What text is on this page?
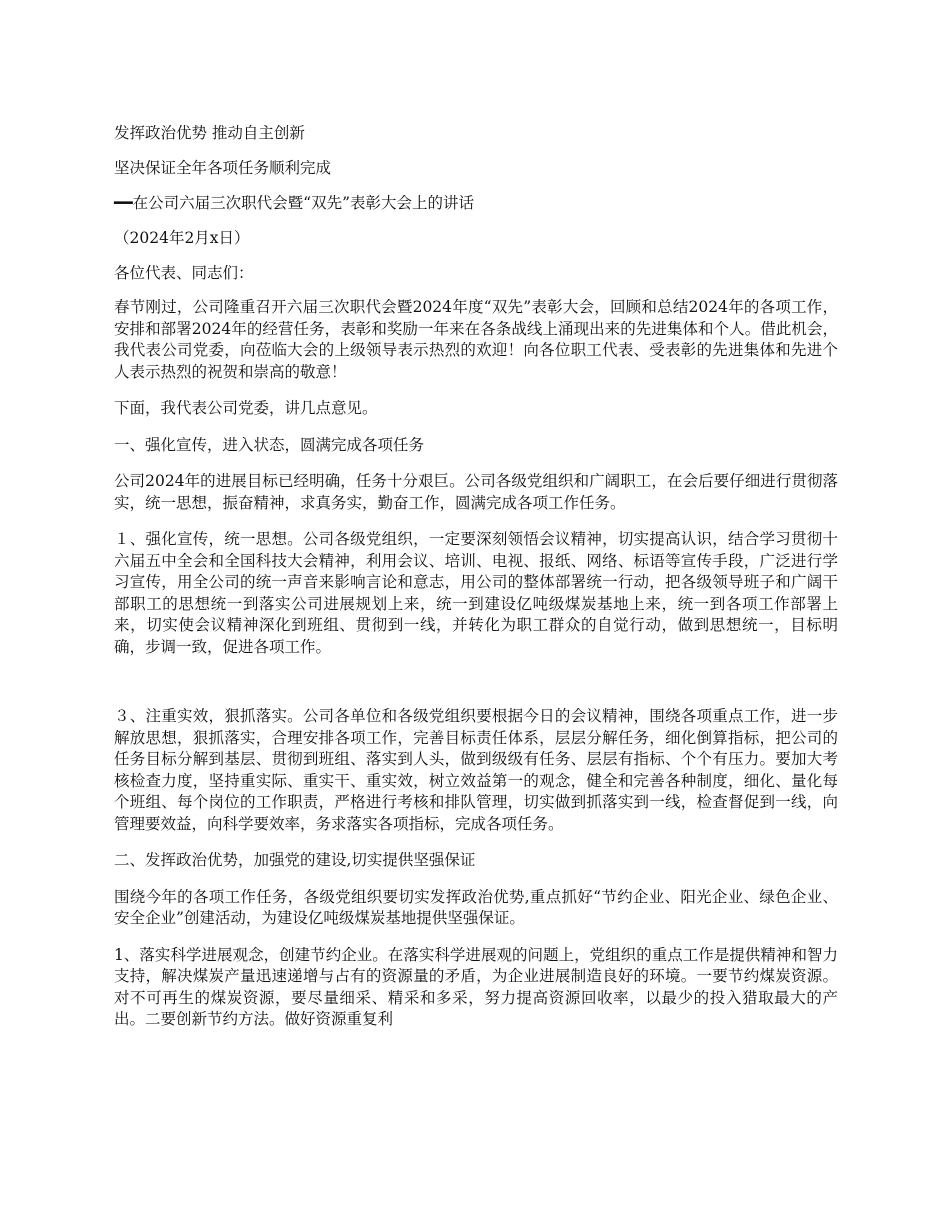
发挥政治优势 推动自主创新

坚决保证全年各项任务顺利完成

━━在公司六届三次职代会暨“双先”表彰大会上的讲话

（2024年2月x日）

各位代表、同志们：

春节刚过，公司隆重召开六届三次职代会暨2024年度“双先”表彰大会，回顾和总结2024年的各项工作，安排和部署2024年的经营任务，表彰和奖励一年来在各条战线上涌现出来的先进集体和个人。借此机会，我代表公司党委，向莅临大会的上级领导表示热烈的欢迎！向各位职工代表、受表彰的先进集体和先进个人表示热烈的祝贺和崇高的敬意！

下面，我代表公司党委，讲几点意见。

一、强化宣传，进入状态，圆满完成各项任务

公司2024年的进展目标已经明确，任务十分艰巨。公司各级党组织和广阔职工，在会后要仔细进行贯彻落实，统一思想，振奋精神，求真务实，勤奋工作，圆满完成各项工作任务。

１、强化宣传，统一思想。公司各级党组织，一定要深刻领悟会议精神，切实提高认识，结合学习贯彻十六届五中全会和全国科技大会精神，利用会议、培训、电视、报纸、网络、标语等宣传手段，广泛进行学习宣传，用全公司的统一声音来影响言论和意志，用公司的整体部署统一行动，把各级领导班子和广阔干部职工的思想统一到落实公司进展规划上来，统一到建设亿吨级煤炭基地上来，统一到各项工作部署上来，切实使会议精神深化到班组、贯彻到一线，并转化为职工群众的自觉行动，做到思想统一，目标明确，步调一致，促进各项工作。

３、注重实效，狠抓落实。公司各单位和各级党组织要根据今日的会议精神，围绕各项重点工作，进一步解放思想，狠抓落实，合理安排各项工作，完善目标责任体系，层层分解任务，细化倒算指标，把公司的任务目标分解到基层、贯彻到班组、落实到人头，做到级级有任务、层层有指标、个个有压力。要加大考核检查力度，坚持重实际、重实干、重实效，树立效益第一的观念，健全和完善各种制度，细化、量化每个班组、每个岗位的工作职责，严格进行考核和排队管理，切实做到抓落实到一线，检查督促到一线，向管理要效益，向科学要效率，务求落实各项指标，完成各项任务。

二、发挥政治优势，加强党的建设,切实提供坚强保证

围绕今年的各项工作任务，各级党组织要切实发挥政治优势,重点抓好“节约企业、阳光企业、绿色企业、安全企业”创建活动，为建设亿吨级煤炭基地提供坚强保证。

1、落实科学进展观念，创建节约企业。在落实科学进展观的问题上，党组织的重点工作是提供精神和智力支持，解决煤炭产量迅速递增与占有的资源量的矛盾，为企业进展制造良好的环境。一要节约煤炭资源。对不可再生的煤炭资源，要尽量细采、精采和多采，努力提高资源回收率，以最少的投入猎取最大的产出。二要创新节约方法。做好资源重复利
